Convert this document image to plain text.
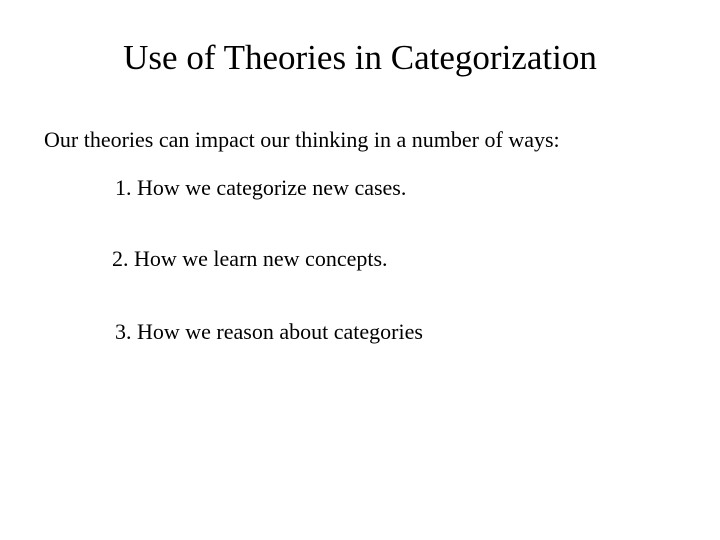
Use of Theories in Categorization
Our theories can impact our thinking in a number of ways:
1. How we categorize new cases.
2. How we learn new concepts.
3. How we reason about categories
